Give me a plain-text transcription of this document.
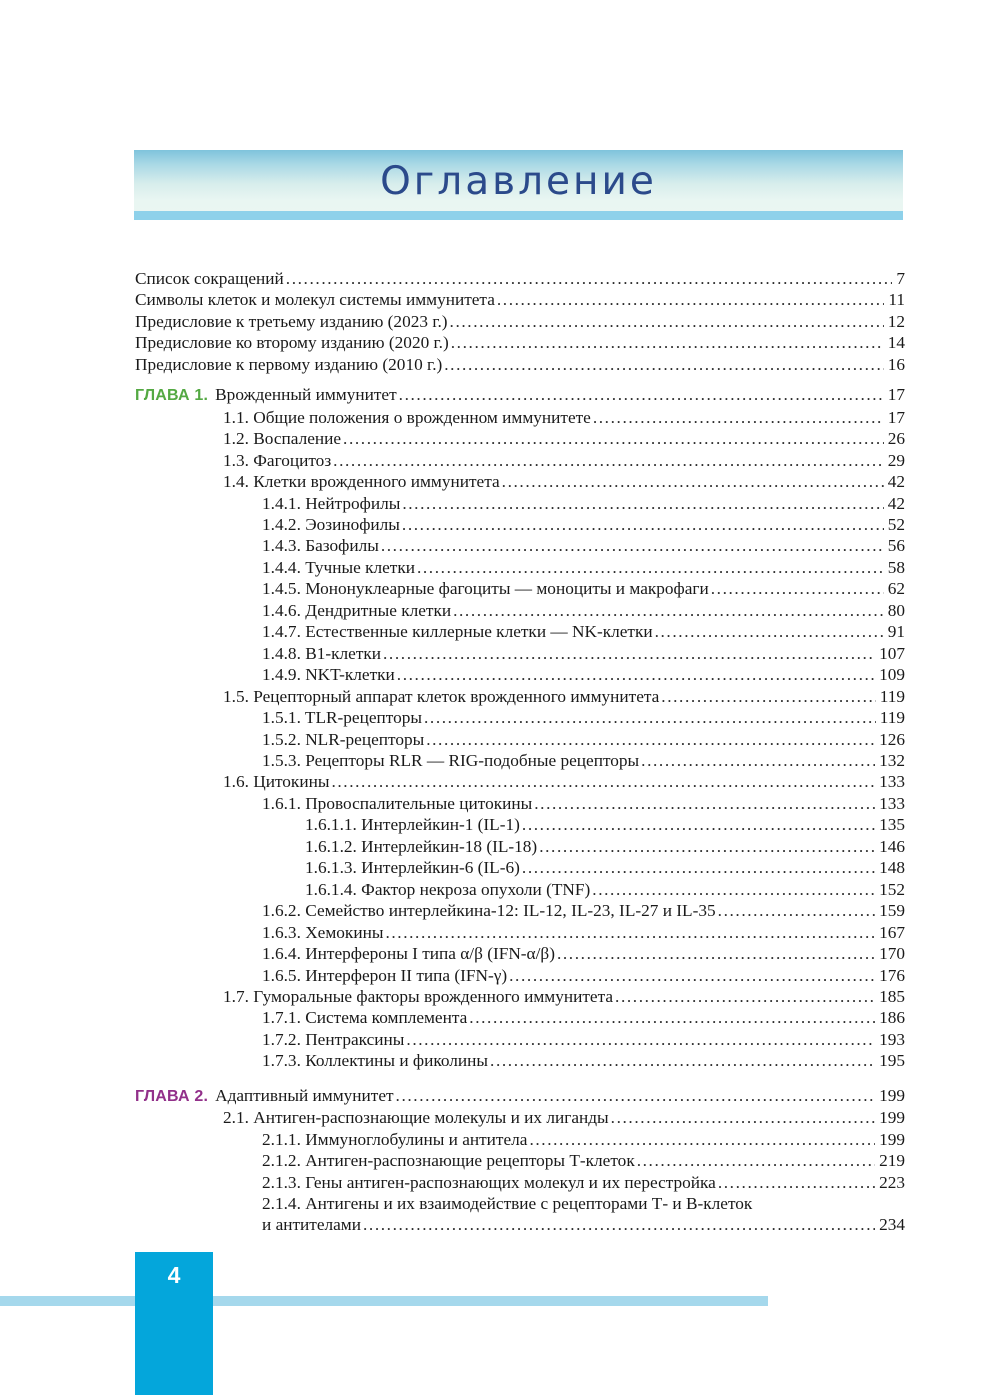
Оглавление
Список сокращений .....	7
Символы клеток и молекул системы иммунитета .....	11
Предисловие к третьему изданию (2023 г.) .....	12
Предисловие ко второму изданию (2020 г.) .....	14
Предисловие к первому изданию (2010 г.) .....	16
ГЛАВА 1. Врожденный иммунитет .....	17
1.1. Общие положения о врожденном иммунитете .....	17
1.2. Воспаление .....	26
1.3. Фагоцитоз .....	29
1.4. Клетки врожденного иммунитета .....	42
1.4.1. Нейтрофилы .....	42
1.4.2. Эозинофилы .....	52
1.4.3. Базофилы .....	56
1.4.4. Тучные клетки .....	58
1.4.5. Мононуклеарные фагоциты — моноциты и макрофаги .....	62
1.4.6. Дендритные клетки .....	80
1.4.7. Естественные киллерные клетки — NK-клетки .....	91
1.4.8. B1-клетки .....	107
1.4.9. NKT-клетки .....	109
1.5. Рецепторный аппарат клеток врожденного иммунитета .....	119
1.5.1. TLR-рецепторы .....	119
1.5.2. NLR-рецепторы .....	126
1.5.3. Рецепторы RLR — RIG-подобные рецепторы .....	132
1.6. Цитокины .....	133
1.6.1. Провоспалительные цитокины .....	133
1.6.1.1. Интерлейкин-1 (IL-1) .....	135
1.6.1.2. Интерлейкин-18 (IL-18) .....	146
1.6.1.3. Интерлейкин-6 (IL-6) .....	148
1.6.1.4. Фактор некроза опухоли (TNF) .....	152
1.6.2. Семейство интерлейкина-12: IL-12, IL-23, IL-27 и IL-35 .....	159
1.6.3. Хемокины .....	167
1.6.4. Интерфероны I типа α/β (IFN-α/β) .....	170
1.6.5. Интерферон II типа (IFN-γ) .....	176
1.7. Гуморальные факторы врожденного иммунитета .....	185
1.7.1. Система комплемента .....	186
1.7.2. Пентраксины .....	193
1.7.3. Коллектины и фиколины .....	195
ГЛАВА 2. Адаптивный иммунитет .....	199
2.1. Антиген-распознающие молекулы и их лиганды .....	199
2.1.1. Иммуноглобулины и антитела .....	199
2.1.2. Антиген-распознающие рецепторы Т-клеток .....	219
2.1.3. Гены антиген-распознающих молекул и их перестройка .....	223
2.1.4. Антигены и их взаимодействие с рецепторами Т- и В-клеток
и антителами .....	234
4
